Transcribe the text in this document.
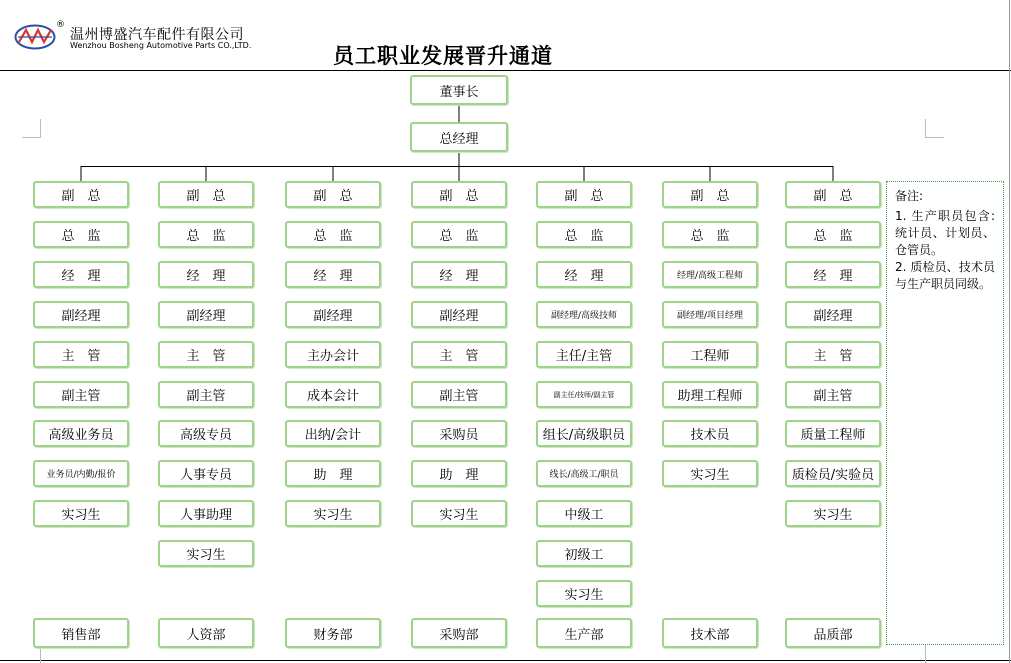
®
温州博盛汽车配件有限公司
Wenzhou Bosheng Automotive Parts CO.,LTD.	员工职业发展晋升通道
董事长
总经理
副　总
总　监
经　理
副经理
主　管
副主管
高级业务员
业务员/内勤/报价
实习生
销售部
副　总
总　监
经　理
副经理
主　管
副主管
高级专员
人事专员
人事助理
实习生
人资部
副　总
总　监
经　理
副经理
主办会计
成本会计
出纳/会计
助　理
实习生
财务部
副　总
总　监
经　理
副经理
主　管
副主管
采购员
助　理
实习生
采购部
副　总
总　监
经　理
副经理/高级技师
主任/主管
副主任/技师/副主管
组长/高级职员
线长/高级工/职员
中级工
初级工
实习生
生产部
副　总
总　监
经理/高级工程师
副经理/项目经理
工程师
助理工程师
技术员
实习生
技术部
副　总
总　监
经　理
副经理
主　管
副主管
质量工程师
质检员/实验员
实习生
品质部
备注:
1. 生产职员包含:统计员、计划员、仓管员。
2. 质检员、技术员与生产职员同级。
